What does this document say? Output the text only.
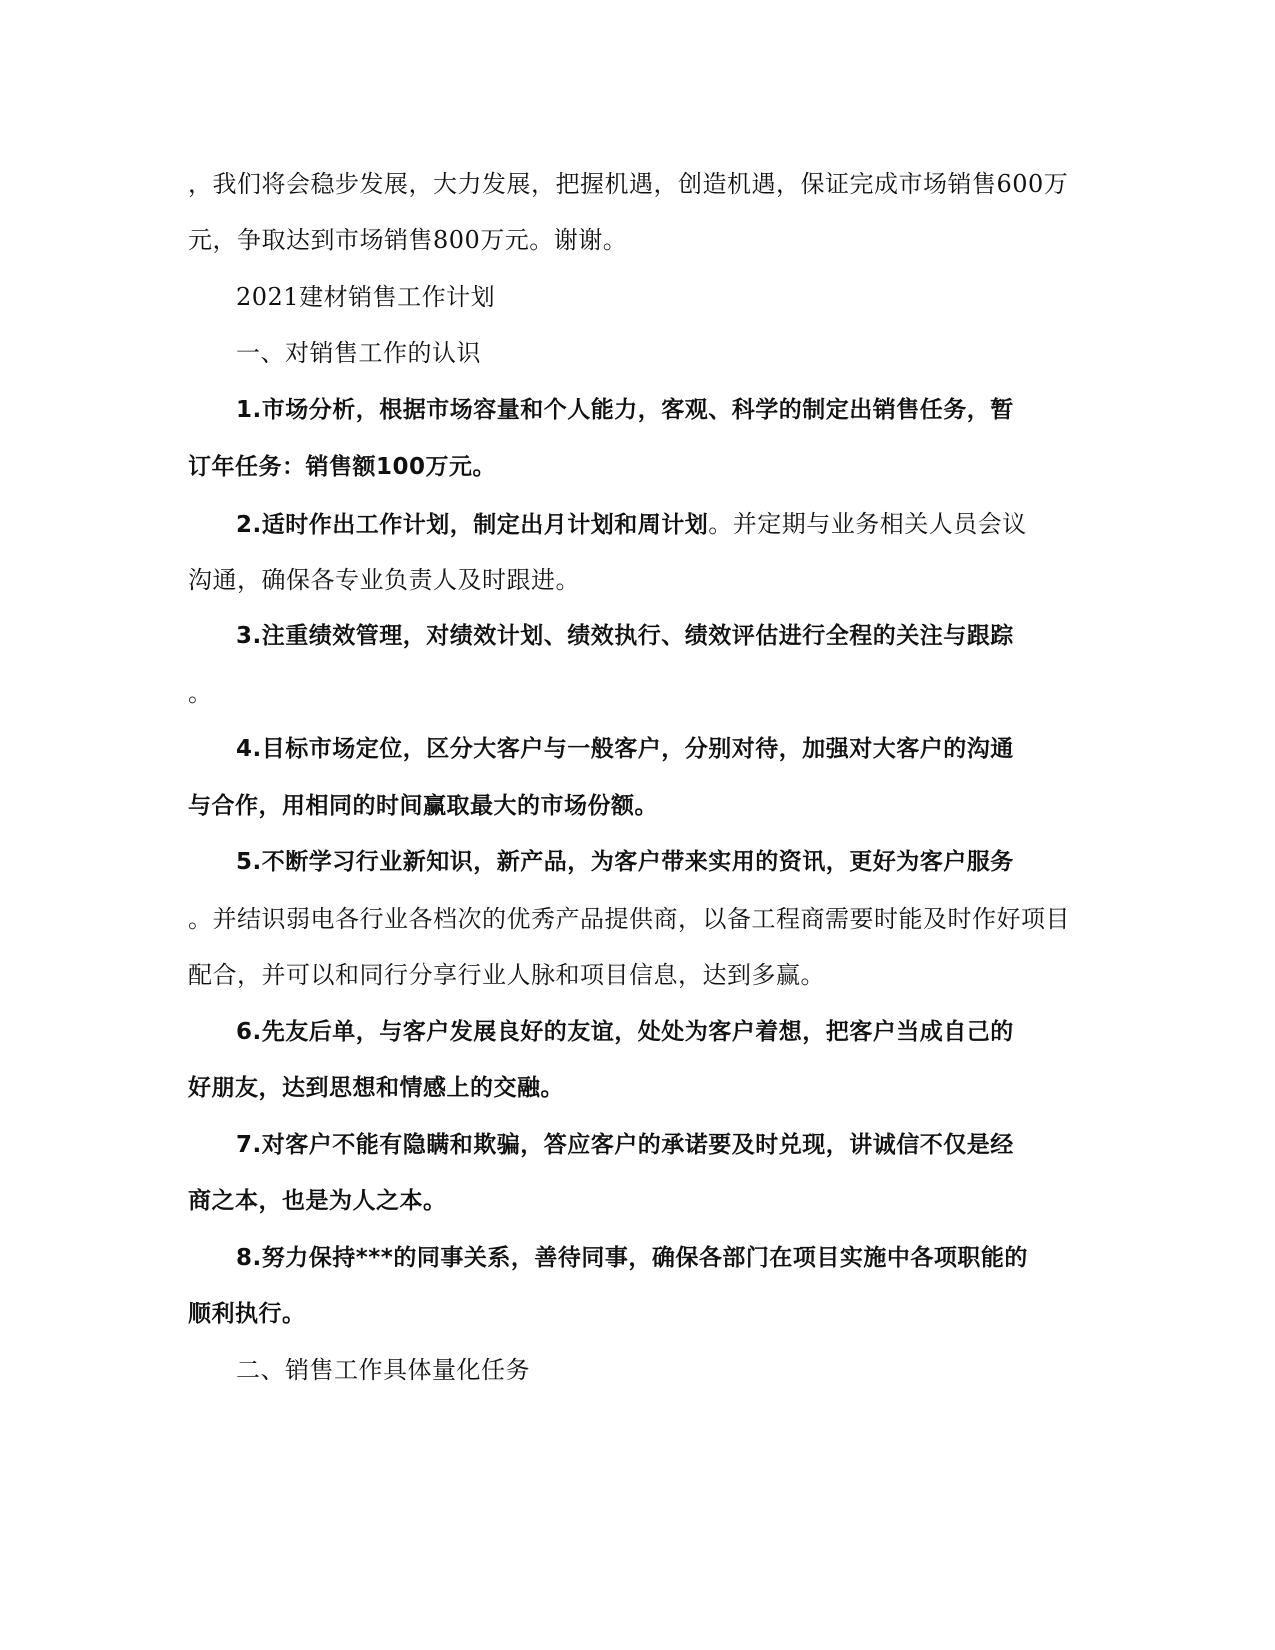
，我们将会稳步发展，大力发展，把握机遇，创造机遇，保证完成市场销售600万
元，争取达到市场销售800万元。谢谢。
2021建材销售工作计划
一、对销售工作的认识
1.市场分析，根据市场容量和个人能力，客观、科学的制定出销售任务，暂
订年任务：销售额100万元。
2.适时作出工作计划，制定出月计划和周计划。并定期与业务相关人员会议
沟通，确保各专业负责人及时跟进。
3.注重绩效管理，对绩效计划、绩效执行、绩效评估进行全程的关注与跟踪
。
4.目标市场定位，区分大客户与一般客户，分别对待，加强对大客户的沟通
与合作，用相同的时间赢取最大的市场份额。
5.不断学习行业新知识，新产品，为客户带来实用的资讯，更好为客户服务
。并结识弱电各行业各档次的优秀产品提供商，以备工程商需要时能及时作好项目
配合，并可以和同行分享行业人脉和项目信息，达到多赢。
6.先友后单，与客户发展良好的友谊，处处为客户着想，把客户当成自己的
好朋友，达到思想和情感上的交融。
7.对客户不能有隐瞒和欺骗，答应客户的承诺要及时兑现，讲诚信不仅是经
商之本，也是为人之本。
8.努力保持***的同事关系，善待同事，确保各部门在项目实施中各项职能的
顺利执行。
二、销售工作具体量化任务
